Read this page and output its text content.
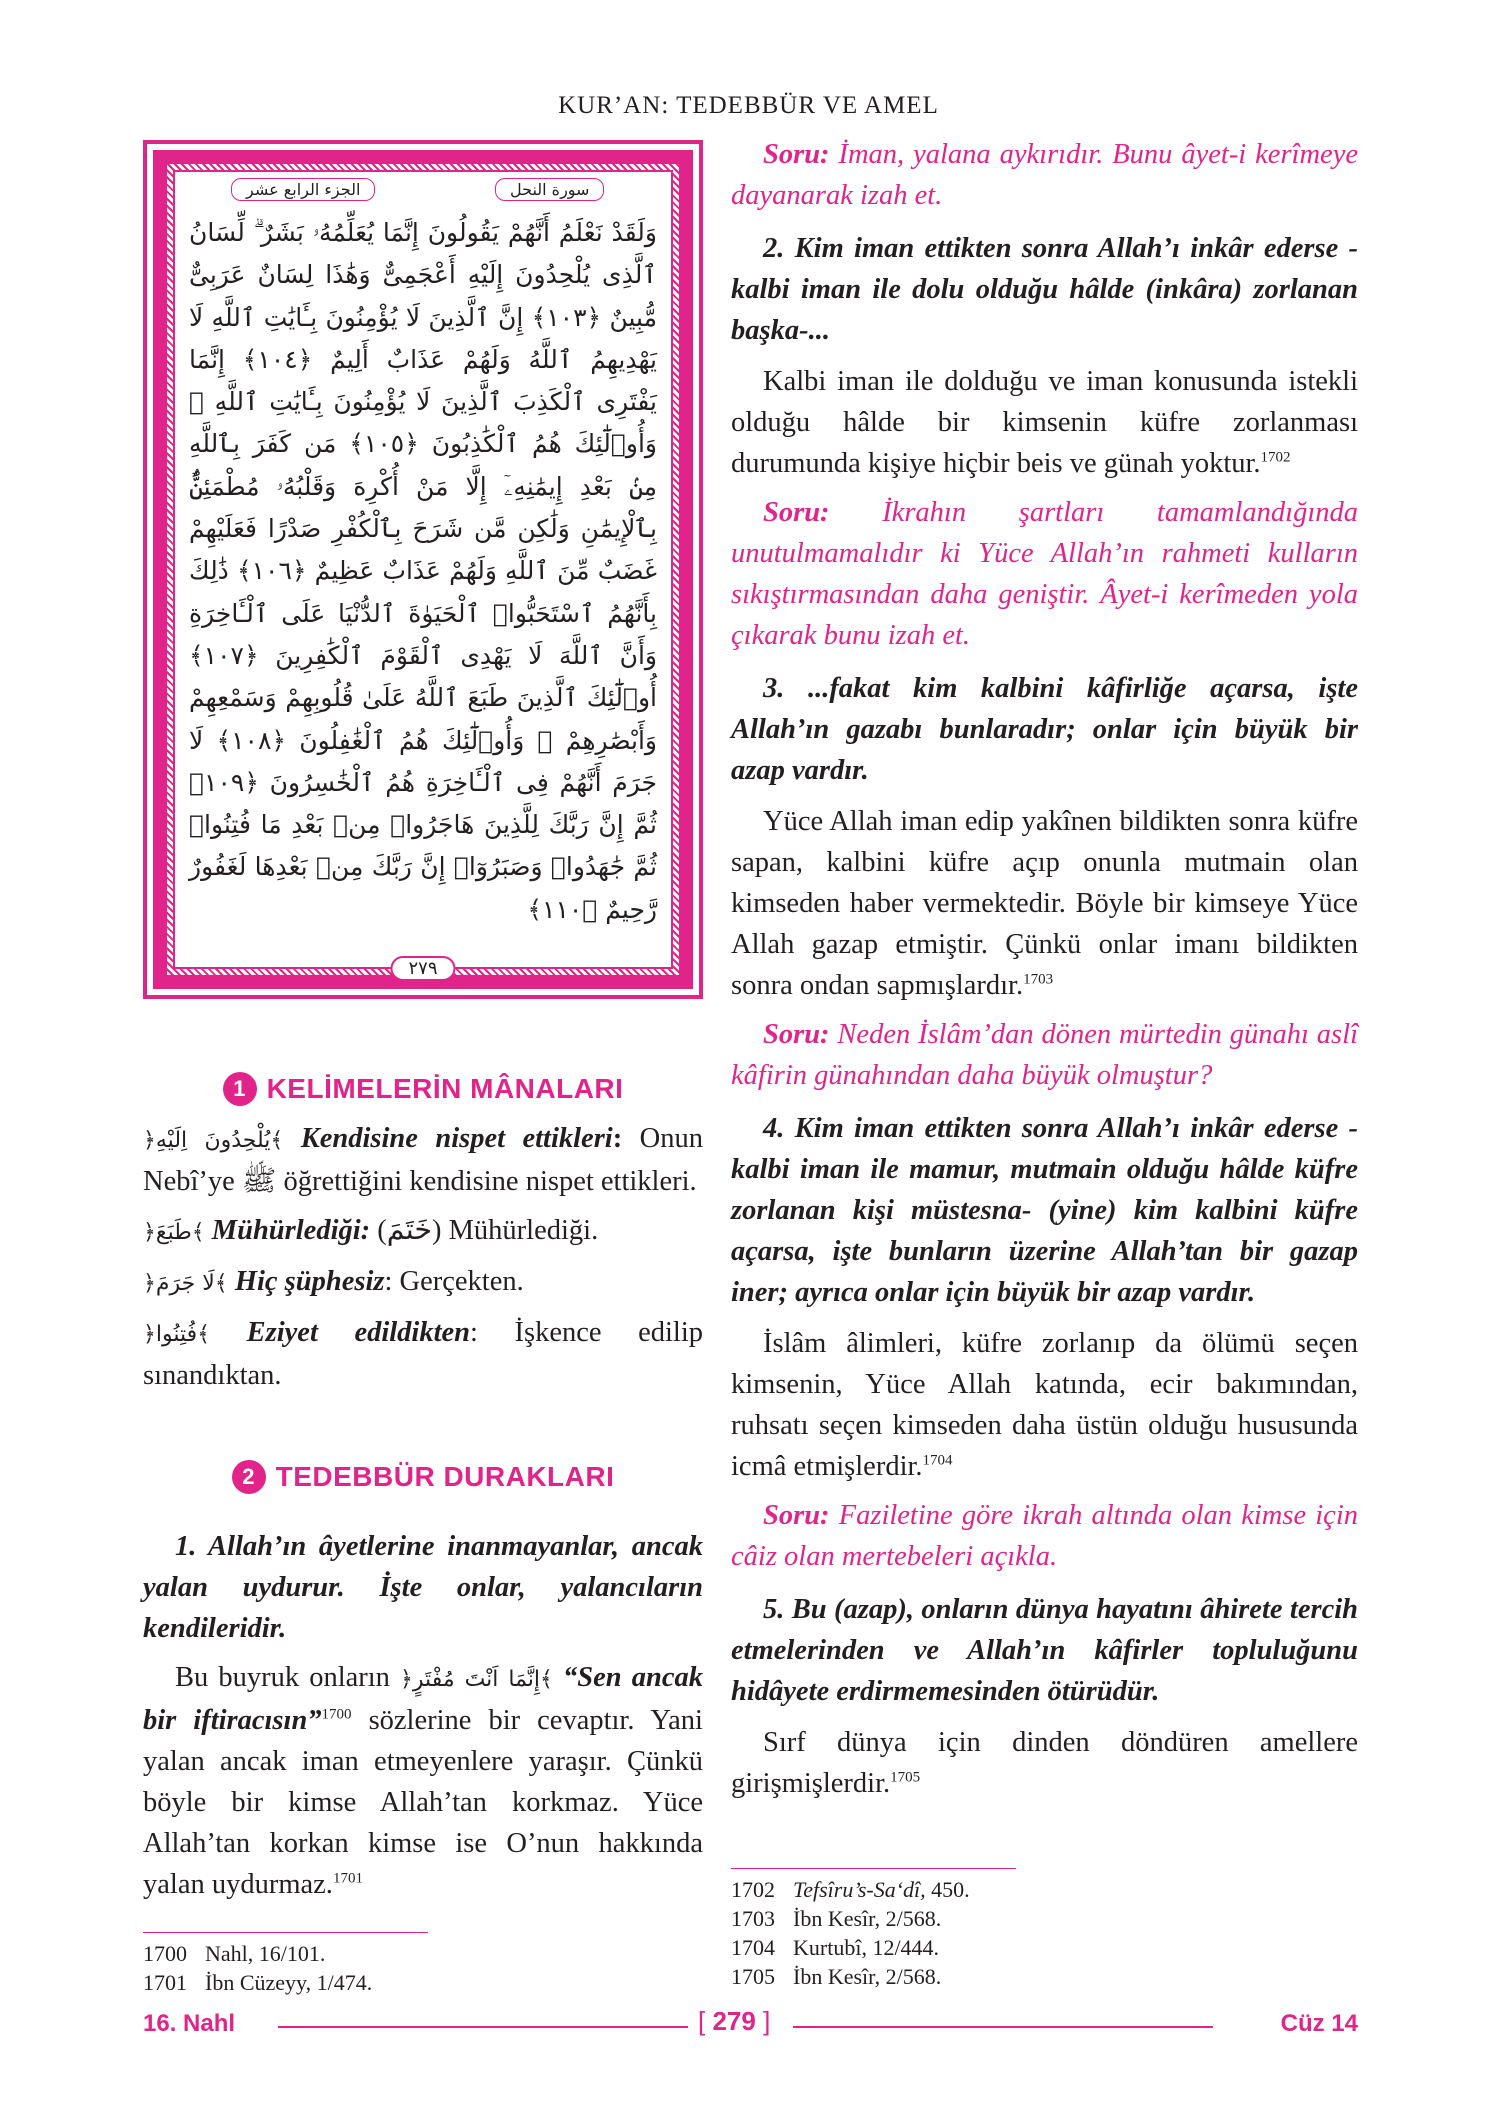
KUR’AN: TEDEBBÜR VE AMEL
الجزء الرابع عشر	سورة النحل
وَلَقَدْ نَعْلَمُ أَنَّهُمْ يَقُولُونَ إِنَّمَا يُعَلِّمُهُۥ بَشَرٌ ۗ لِّسَانُ ٱلَّذِى يُلْحِدُونَ إِلَيْهِ أَعْجَمِىٌّ وَهَٰذَا لِسَانٌ عَرَبِىٌّ مُّبِينٌ ﴿١٠٣﴾ إِنَّ ٱلَّذِينَ لَا يُؤْمِنُونَ بِـَٔايَٰتِ ٱللَّهِ لَا يَهْدِيهِمُ ٱللَّهُ وَلَهُمْ عَذَابٌ أَلِيمٌ ﴿١٠٤﴾ إِنَّمَا يَفْتَرِى ٱلْكَذِبَ ٱلَّذِينَ لَا يُؤْمِنُونَ بِـَٔايَٰتِ ٱللَّهِ ۖ وَأُو۟لَٰٓئِكَ هُمُ ٱلْكَٰذِبُونَ ﴿١٠٥﴾ مَن كَفَرَ بِٱللَّهِ مِنۢ بَعْدِ إِيمَٰنِهِۦٓ إِلَّا مَنْ أُكْرِهَ وَقَلْبُهُۥ مُطْمَئِنٌّۢ بِٱلْإِيمَٰنِ وَلَٰكِن مَّن شَرَحَ بِٱلْكُفْرِ صَدْرًا فَعَلَيْهِمْ غَضَبٌ مِّنَ ٱللَّهِ وَلَهُمْ عَذَابٌ عَظِيمٌ ﴿١٠٦﴾ ذَٰلِكَ بِأَنَّهُمُ ٱسْتَحَبُّوا۟ ٱلْحَيَوٰةَ ٱلدُّنْيَا عَلَى ٱلْـَٔاخِرَةِ وَأَنَّ ٱللَّهَ لَا يَهْدِى ٱلْقَوْمَ ٱلْكَٰفِرِينَ ﴿١٠٧﴾ أُو۟لَٰٓئِكَ ٱلَّذِينَ طَبَعَ ٱللَّهُ عَلَىٰ قُلُوبِهِمْ وَسَمْعِهِمْ وَأَبْصَٰرِهِمْ ۖ وَأُو۟لَٰٓئِكَ هُمُ ٱلْغَٰفِلُونَ ﴿١٠٨﴾ لَا جَرَمَ أَنَّهُمْ فِى ٱلْـَٔاخِرَةِ هُمُ ٱلْخَٰسِرُونَ ﴿١٠٩﴾ ثُمَّ إِنَّ رَبَّكَ لِلَّذِينَ هَاجَرُوا۟ مِنۢ بَعْدِ مَا فُتِنُوا۟ ثُمَّ جَٰهَدُوا۟ وَصَبَرُوٓا۟ إِنَّ رَبَّكَ مِنۢ بَعْدِهَا لَغَفُورٌ رَّحِيمٌ ﴿١١٠﴾
٢٧٩
1 KELİMELERİN MÂNALARI

﴿يُلْحِدُونَ اِلَيْهِ﴾ Kendisine nispet ettikleri: Onun Nebî’ye ﷺ öğrettiğini kendisine nispet ettikleri.

﴿طَبَعَ﴾ Mühürlediği: (خَتَمَ) Mühürlediği.

﴿لَا جَرَمَ﴾ Hiç şüphesiz: Gerçekten.

﴿فُتِنُوا﴾ Eziyet edildikten: İşkence edilip sınandıktan.

2 TEDEBBÜR DURAKLARI

1. Allah’ın âyetlerine inanmayanlar, ancak yalan uydurur. İşte onlar, yalancıların kendileridir.

Bu buyruk onların ﴿إِنَّمَا اَنْتَ مُفْتَرٍ﴾ “Sen ancak bir iftiracısın”$^{1700}$ sözlerine bir cevaptır. Yani yalan ancak iman etmeyenlere yaraşır. Çünkü böyle bir kimse Allah’tan korkmaz. Yüce Allah’tan korkan kimse ise O’nun hakkında yalan uydurmaz.$^{1701}$

1700 Nahl, 16/101.
1701 İbn Cüzeyy, 1/474.

Soru: İman, yalana aykırıdır. Bunu âyet-i kerîmeye dayanarak izah et.

2. Kim iman ettikten sonra Allah’ı inkâr ederse -kalbi iman ile dolu olduğu hâlde (inkâra) zorlanan başka-...

Kalbi iman ile dolduğu ve iman konusunda istekli olduğu hâlde bir kimsenin küfre zorlanması durumunda kişiye hiçbir beis ve günah yoktur.$^{1702}$

Soru: İkrahın şartları tamamlandığında unutulmamalıdır ki Yüce Allah’ın rahmeti kulların sıkıştırmasından daha geniştir. Âyet-i kerîmeden yola çıkarak bunu izah et.

3. ...fakat kim kalbini kâfirliğe açarsa, işte Allah’ın gazabı bunlaradır; onlar için büyük bir azap vardır.

Yüce Allah iman edip yakînen bildikten sonra küfre sapan, kalbini küfre açıp onunla mutmain olan kimseden haber vermektedir. Böyle bir kimseye Yüce Allah gazap etmiştir. Çünkü onlar imanı bildikten sonra ondan sapmışlardır.$^{1703}$

Soru: Neden İslâm’dan dönen mürtedin günahı aslî kâfirin günahından daha büyük olmuştur?

4. Kim iman ettikten sonra Allah’ı inkâr ederse -kalbi iman ile mamur, mutmain olduğu hâlde küfre zorlanan kişi müstesna- (yine) kim kalbini küfre açarsa, işte bunların üzerine Allah’tan bir gazap iner; ayrıca onlar için büyük bir azap vardır.

İslâm âlimleri, küfre zorlanıp da ölümü seçen kimsenin, Yüce Allah katında, ecir bakımından, ruhsatı seçen kimseden daha üstün olduğu hususunda icmâ etmişlerdir.$^{1704}$

Soru: Faziletine göre ikrah altında olan kimse için câiz olan mertebeleri açıkla.

5. Bu (azap), onların dünya hayatını âhirete tercih etmelerinden ve Allah’ın kâfirler topluluğunu hidâyete erdirmemesinden ötürüdür.

Sırf dünya için dinden döndüren amellere girişmişlerdir.$^{1705}$

1702 Tefsîru’s-Sa‘dî, 450.
1703 İbn Kesîr, 2/568.
1704 Kurtubî, 12/444.
1705 İbn Kesîr, 2/568.
16. Nahl	[ 279 ]	Cüz 14
